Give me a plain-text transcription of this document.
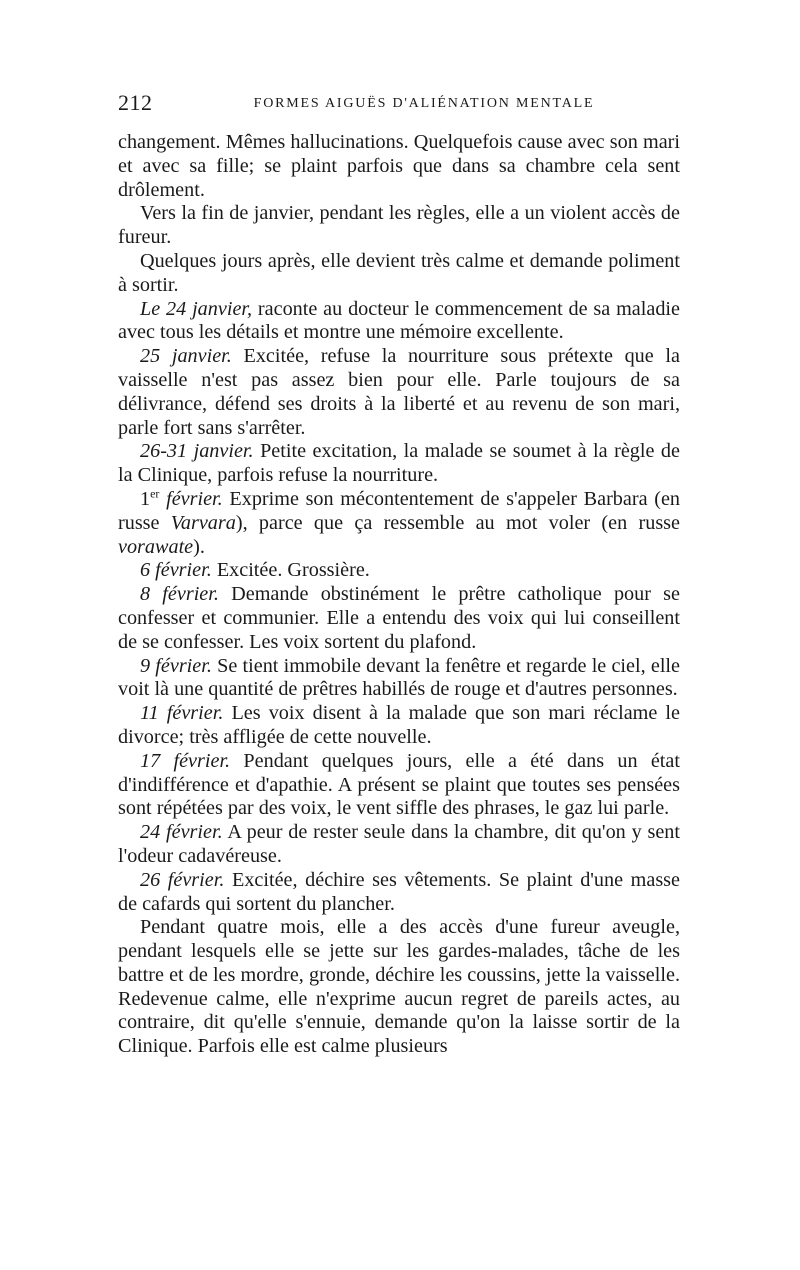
212	FORMES AIGUËS D'ALIÉNATION MENTALE

changement. Mêmes hallucinations. Quelquefois cause avec son mari et avec sa fille; se plaint parfois que dans sa chambre cela sent drôlement.

Vers la fin de janvier, pendant les règles, elle a un violent accès de fureur.

Quelques jours après, elle devient très calme et demande poliment à sortir.

Le 24 janvier, raconte au docteur le commencement de sa maladie avec tous les détails et montre une mémoire excellente.

25 janvier. Excitée, refuse la nourriture sous prétexte que la vaisselle n'est pas assez bien pour elle. Parle toujours de sa délivrance, défend ses droits à la liberté et au revenu de son mari, parle fort sans s'arrêter.

26-31 janvier. Petite excitation, la malade se soumet à la règle de la Clinique, parfois refuse la nourriture.

1er février. Exprime son mécontentement de s'appeler Barbara (en russe Varvara), parce que ça ressemble au mot voler (en russe vorawate).

6 février. Excitée. Grossière.

8 février. Demande obstinément le prêtre catholique pour se confesser et communier. Elle a entendu des voix qui lui conseillent de se confesser. Les voix sortent du plafond.

9 février. Se tient immobile devant la fenêtre et regarde le ciel, elle voit là une quantité de prêtres habillés de rouge et d'autres personnes.

11 février. Les voix disent à la malade que son mari réclame le divorce; très affligée de cette nouvelle.

17 février. Pendant quelques jours, elle a été dans un état d'indifférence et d'apathie. A présent se plaint que toutes ses pensées sont répétées par des voix, le vent siffle des phrases, le gaz lui parle.

24 février. A peur de rester seule dans la chambre, dit qu'on y sent l'odeur cadavéreuse.

26 février. Excitée, déchire ses vêtements. Se plaint d'une masse de cafards qui sortent du plancher.

Pendant quatre mois, elle a des accès d'une fureur aveugle, pendant lesquels elle se jette sur les gardes-malades, tâche de les battre et de les mordre, gronde, déchire les coussins, jette la vaisselle. Redevenue calme, elle n'exprime aucun regret de pareils actes, au contraire, dit qu'elle s'ennuie, demande qu'on la laisse sortir de la Clinique. Parfois elle est calme plusieurs
